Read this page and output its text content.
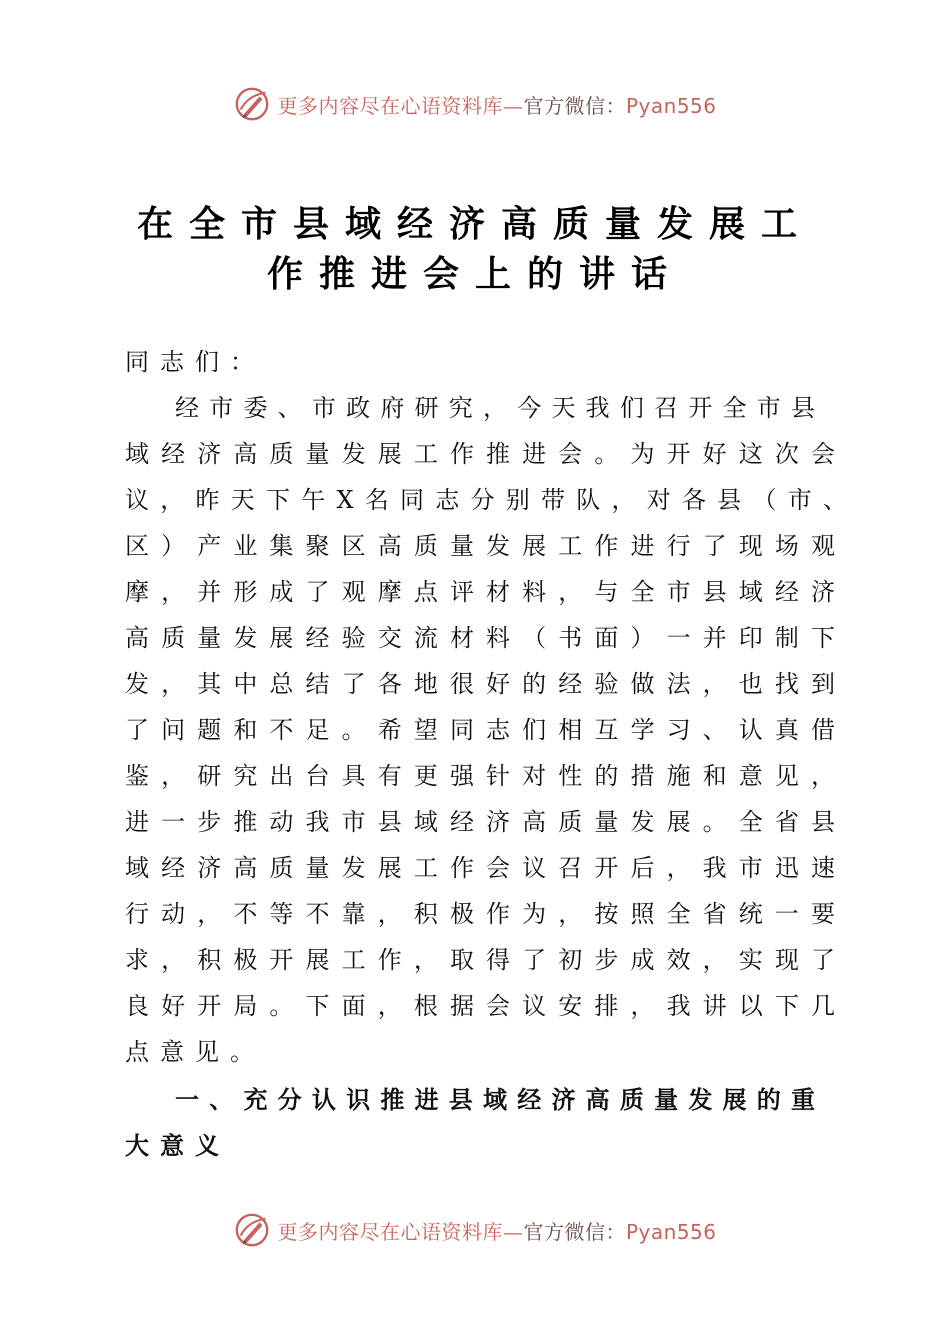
更多内容尽在心语资料库—官方微信：Pyan556
在全市县域经济高质量发展工
作推进会上的讲话

同志们：

经市委、市政府研究，今天我们召开全市县

域经济高质量发展工作推进会。为开好这次会

议，昨天下午X名同志分别带队，对各县（市、

区）产业集聚区高质量发展工作进行了现场观

摩，并形成了观摩点评材料，与全市县域经济

高质量发展经验交流材料（书面）一并印制下

发，其中总结了各地很好的经验做法，也找到

了问题和不足。希望同志们相互学习、认真借

鉴，研究出台具有更强针对性的措施和意见，

进一步推动我市县域经济高质量发展。全省县

域经济高质量发展工作会议召开后，我市迅速

行动，不等不靠，积极作为，按照全省统一要

求，积极开展工作，取得了初步成效，实现了

良好开局。下面，根据会议安排，我讲以下几

点意见。

一、充分认识推进县域经济高质量发展的重

大意义

更多内容尽在心语资料库—官方微信：Pyan556
